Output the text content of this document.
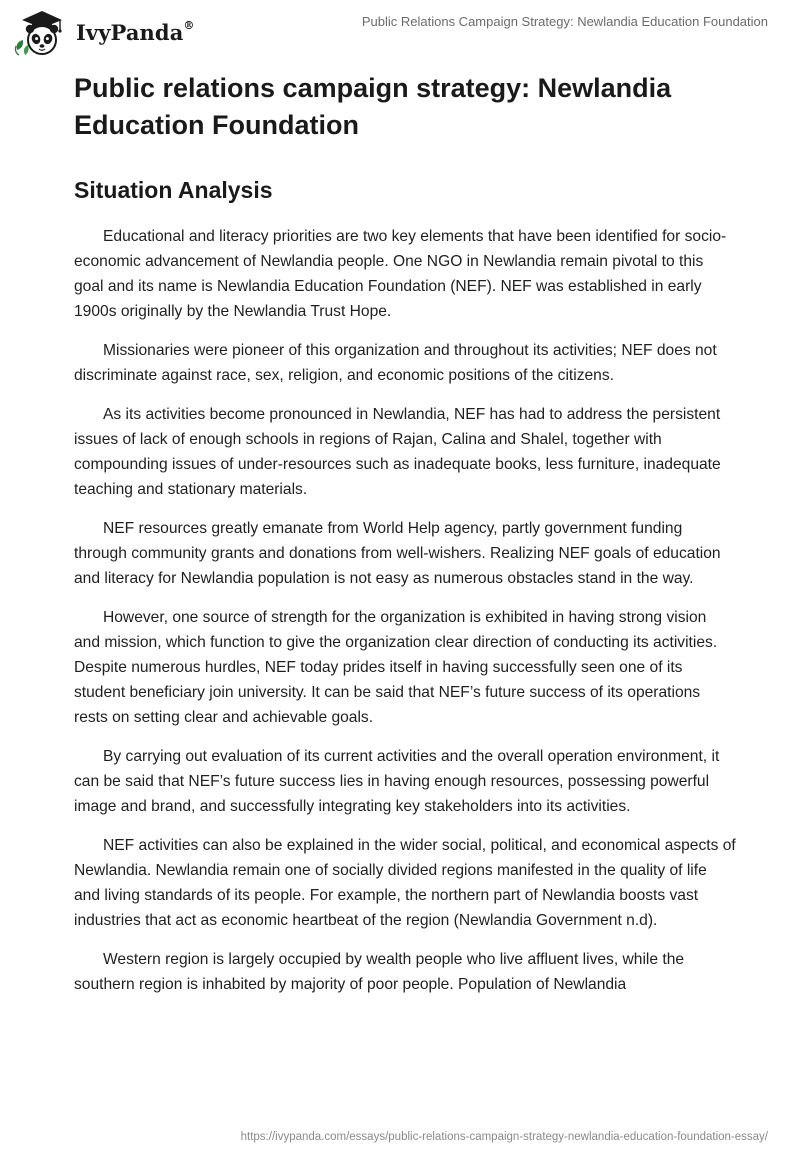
IvyPanda®	Public Relations Campaign Strategy: Newlandia Education Foundation
Public relations campaign strategy: Newlandia Education Foundation
Situation Analysis

Educational and literacy priorities are two key elements that have been identified for socio-economic advancement of Newlandia people. One NGO in Newlandia remain pivotal to this goal and its name is Newlandia Education Foundation (NEF). NEF was established in early 1900s originally by the Newlandia Trust Hope.

Missionaries were pioneer of this organization and throughout its activities; NEF does not discriminate against race, sex, religion, and economic positions of the citizens.

As its activities become pronounced in Newlandia, NEF has had to address the persistent issues of lack of enough schools in regions of Rajan, Calina and Shalel, together with compounding issues of under-resources such as inadequate books, less furniture, inadequate teaching and stationary materials.

NEF resources greatly emanate from World Help agency, partly government funding through community grants and donations from well-wishers. Realizing NEF goals of education and literacy for Newlandia population is not easy as numerous obstacles stand in the way.

However, one source of strength for the organization is exhibited in having strong vision and mission, which function to give the organization clear direction of conducting its activities. Despite numerous hurdles, NEF today prides itself in having successfully seen one of its student beneficiary join university. It can be said that NEF’s future success of its operations rests on setting clear and achievable goals.

By carrying out evaluation of its current activities and the overall operation environment, it can be said that NEF’s future success lies in having enough resources, possessing powerful image and brand, and successfully integrating key stakeholders into its activities.

NEF activities can also be explained in the wider social, political, and economical aspects of Newlandia. Newlandia remain one of socially divided regions manifested in the quality of life and living standards of its people. For example, the northern part of Newlandia boosts vast industries that act as economic heartbeat of the region (Newlandia Government n.d).

Western region is largely occupied by wealth people who live affluent lives, while the southern region is inhabited by majority of poor people. Population of Newlandia

https://ivypanda.com/essays/public-relations-campaign-strategy-newlandia-education-foundation-essay/
